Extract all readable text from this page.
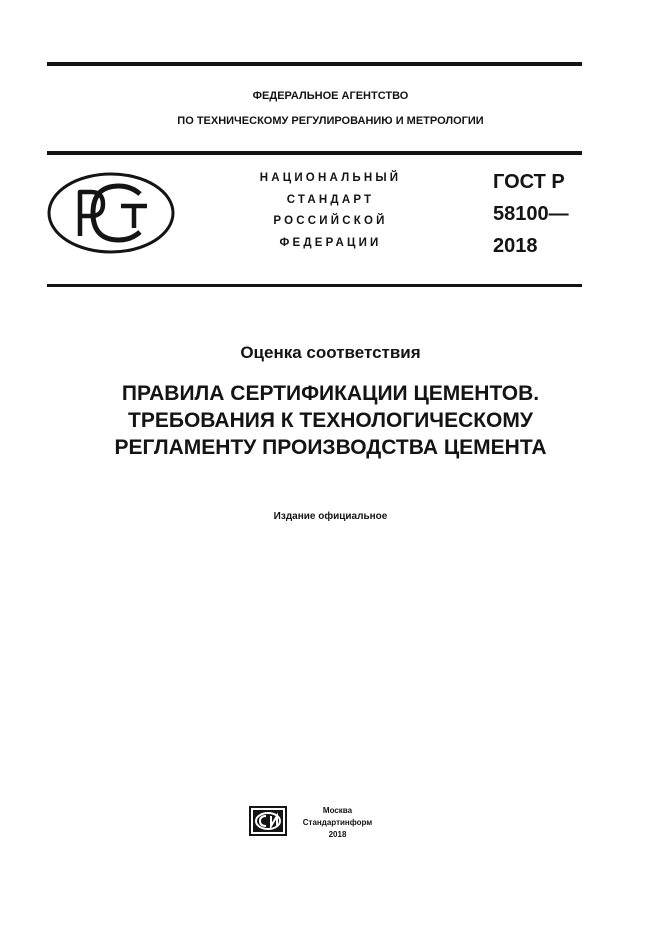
ФЕДЕРАЛЬНОЕ АГЕНТСТВО
ПО ТЕХНИЧЕСКОМУ РЕГУЛИРОВАНИЮ И МЕТРОЛОГИИ
НАЦИОНАЛЬНЫЙ
СТАНДАРТ
РОССИЙСКОЙ
ФЕДЕРАЦИИ
ГОСТ Р
58100—
2018
Оценка соответствия
ПРАВИЛА СЕРТИФИКАЦИИ ЦЕМЕНТОВ.
ТРЕБОВАНИЯ К ТЕХНОЛОГИЧЕСКОМУ
РЕГЛАМЕНТУ ПРОИЗВОДСТВА ЦЕМЕНТА
Издание официальное
Москва
Стандартинформ
2018
